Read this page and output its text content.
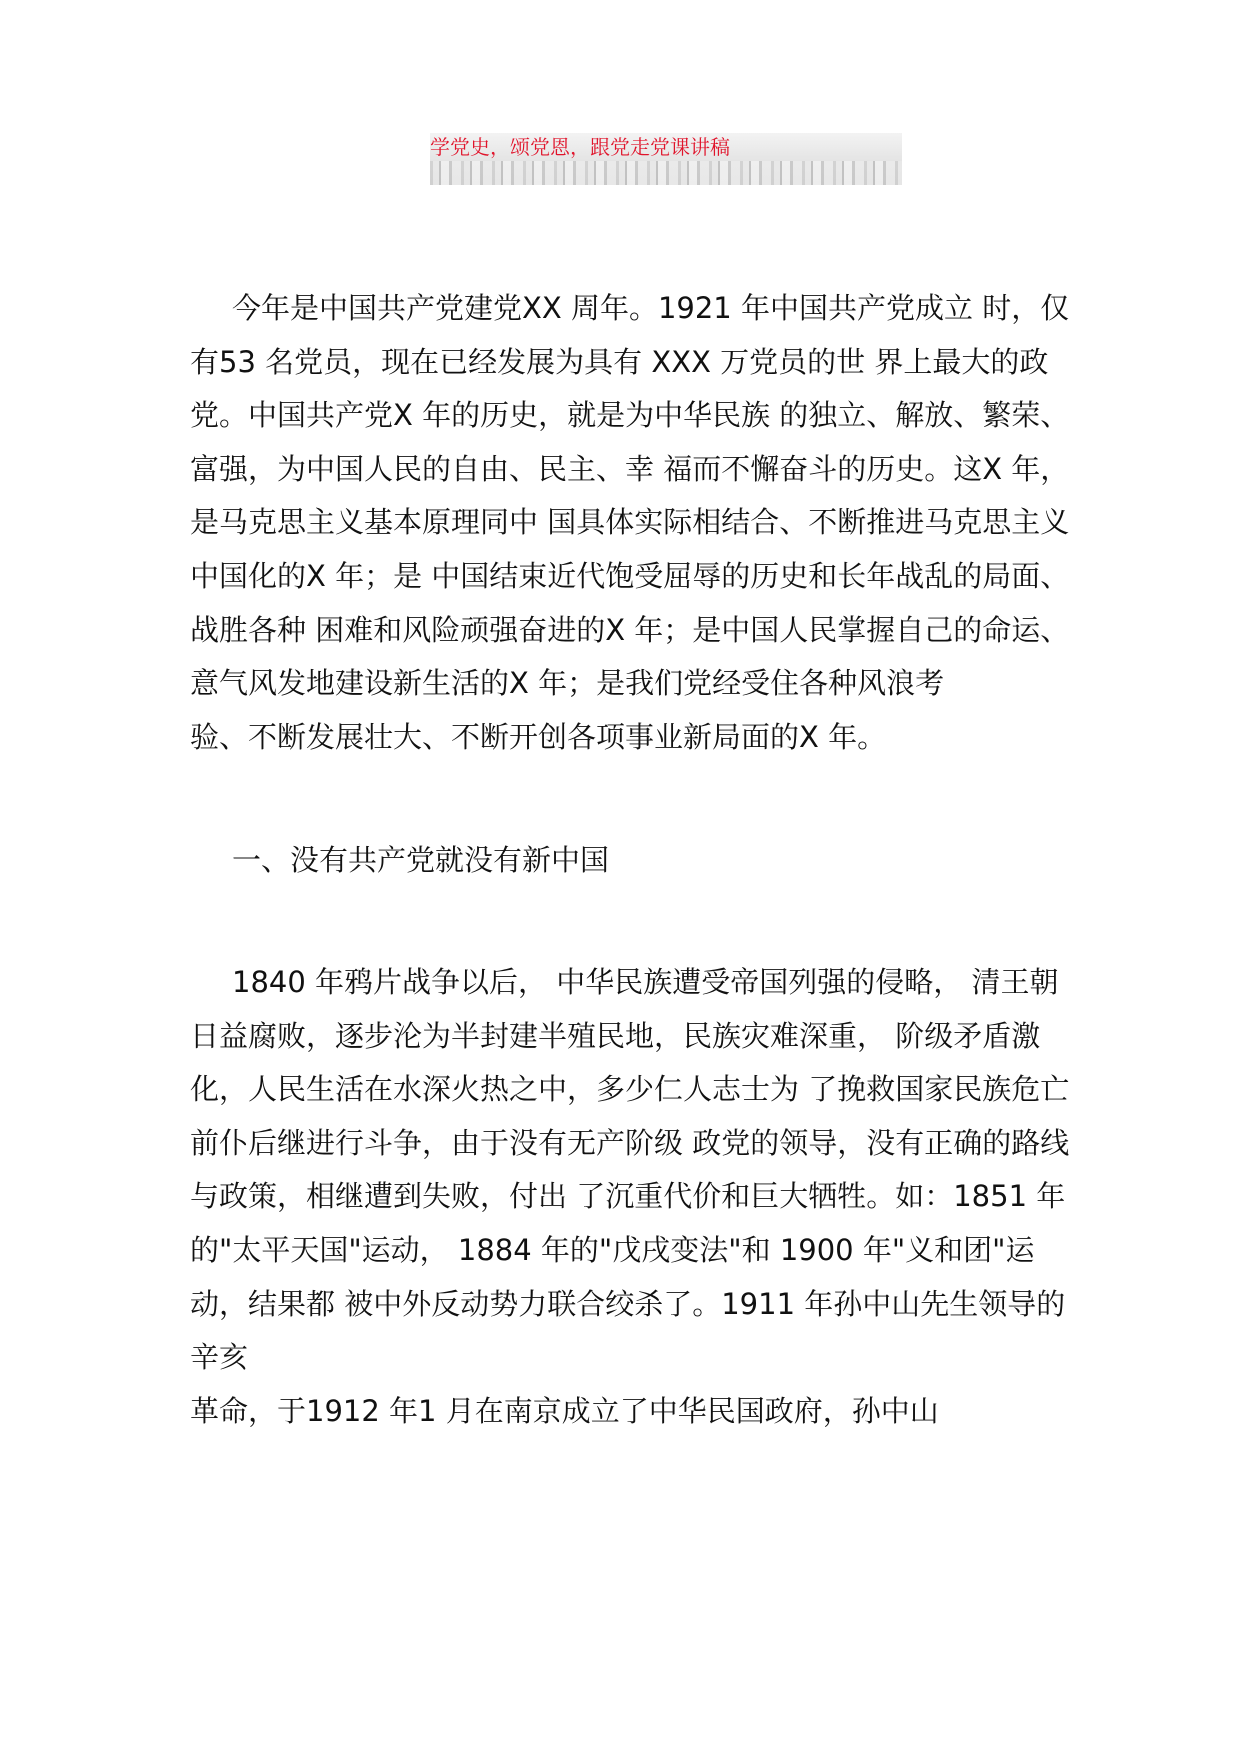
学党史，颂党恩，跟党走党课讲稿

今年是中国共产党建党XX 周年。1921 年中国共产党成立 时，仅有53 名党员，现在已经发展为具有 XXX 万党员的世 界上最大的政党。中国共产党X 年的历史，就是为中华民族 的独立、解放、繁荣、富强，为中国人民的自由、民主、幸 福而不懈奋斗的历史。这X 年，是马克思主义基本原理同中 国具体实际相结合、不断推进马克思主义中国化的X 年；是 中国结束近代饱受屈辱的历史和长年战乱的局面、战胜各种 困难和风险顽强奋进的X 年；是中国人民掌握自己的命运、 意气风发地建设新生活的X 年；是我们党经受住各种风浪考

验、不断发展壮大、不断开创各项事业新局面的X 年。

一、没有共产党就没有新中国

1840 年鸦片战争以后， 中华民族遭受帝国列强的侵略， 清王朝日益腐败，逐步沦为半封建半殖民地，民族灾难深重， 阶级矛盾激化，人民生活在水深火热之中，多少仁人志士为 了挽救国家民族危亡前仆后继进行斗争，由于没有无产阶级 政党的领导，没有正确的路线与政策，相继遭到失败，付出 了沉重代价和巨大牺牲。如：1851 年的"太平天国"运动， 1884 年的"戊戌变法"和 1900 年"义和团"运动，结果都 被中外反动势力联合绞杀了。1911 年孙中山先生领导的辛亥

革命，于1912 年1 月在南京成立了中华民国政府，孙中山
